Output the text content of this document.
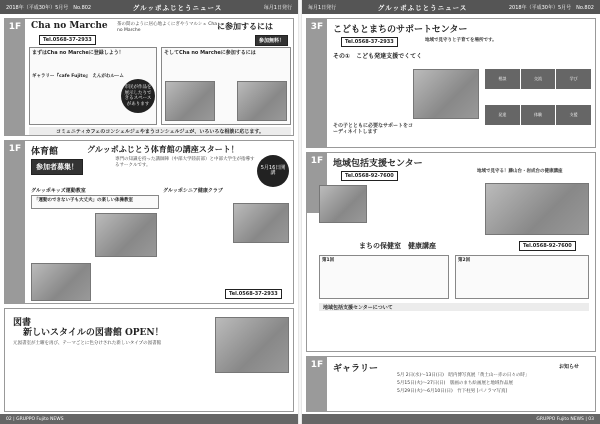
2018年（平成30年）5月号　No.802	グルッポふじとうニュース	毎月1日発行
1F	Cha no Marche 茶の間のように居心地よくにぎやうマルシェ Cha no Marche	に参加するには
Tel.0568-37-2933	参加無料！
まずはCha no Marcheに登録しよう！
ギャラリー『cafe Fujito』　えんがわルーム
市民が作品を展示したりできるスペースがあります
そしてCha no Marcheに参加するには
コミュニティカフェのコンシェルジュやまうコンシェルジュが、いろいろな相談に応じます。
1F	体育館	グルッポふじとう体育館の講座スタート！
参加者募集！
専門の知識を持った講師陣（中部大学陸前部）と中部大学生が指導するサークルです。	5月16日開講
グルッポキッズ運動教室
「運動のできない子も大丈夫」の楽しい体操教室
グルッポシニア健康クラブ
Tel.0568-37-2933
図書
新しいスタイルの図書館 OPEN！
元図書室が土曜を再び、テーマごとに色分けされた新しいタイプの図書館
02 | GRUPPO Fujito NEWS
毎月1日発行	グルッポふじとうニュース	2018年（平成30年）5月号　No.802
3F	こどもとまちのサポートセンター
Tel.0568-37-2933	地域で見守りと子育てを場所です。
その①　こども発達支援でくてく
相談	交流	学び
発達	体験	支援
その子とともに必要なサポートをコーディネイトします
1F	地域包括支援センター
Tel.0568-92-7600
地域で見守る！藤山台・岩成台の健康講座
まちの保健室　健康講座	Tel.0568-92-7600
第1回	第2回
地域包括支援センターについて
1F	ギャラリー	お知らせ
5月 2日(水)〜13日(日)　昭内博写真展「黄土山ー赤の日々の時」
5月15日(火)〜27日(日)　版画のまち絵画展と地域作品展
5月29日(火)〜6月10日(日)　竹下柱男 [パノラマ写真]
GRUPPO Fujito NEWS | 03
